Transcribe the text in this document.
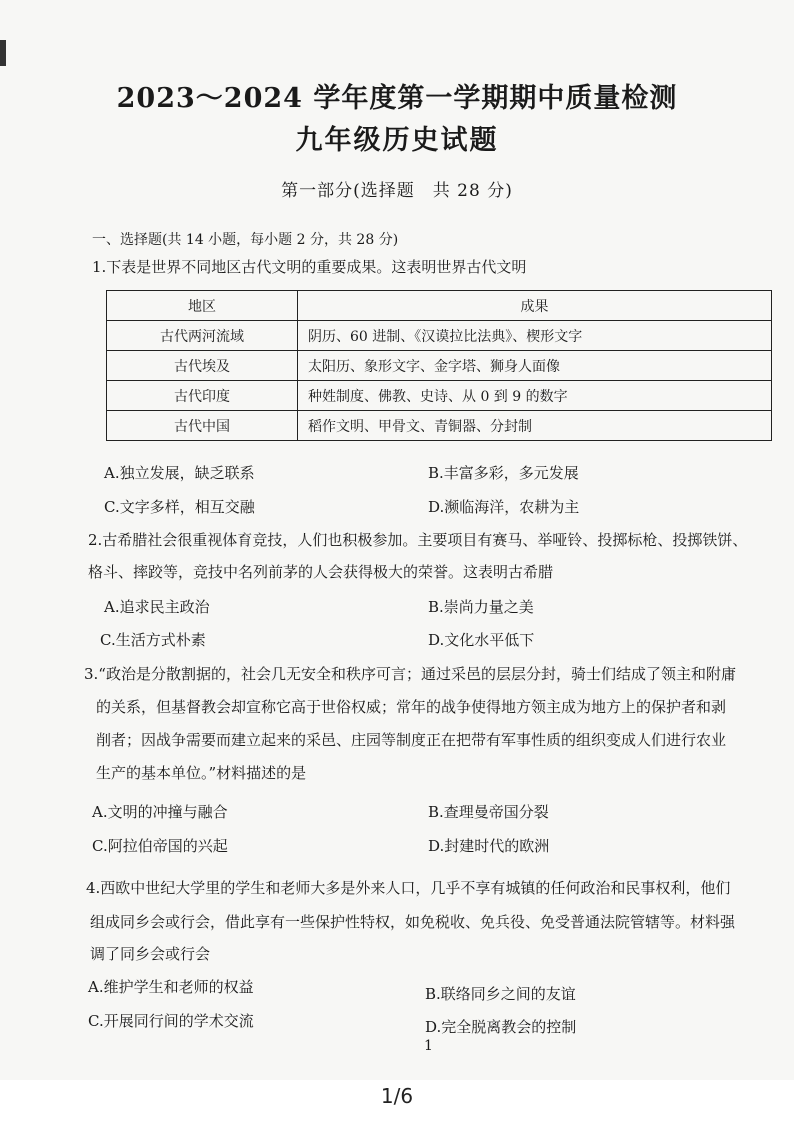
2023～2024 学年度第一学期期中质量检测
九年级历史试题
第一部分(选择题　共 28 分)
一、选择题(共 14 小题，每小题 2 分，共 28 分)
1.下表是世界不同地区古代文明的重要成果。这表明世界古代文明
地区	成果
古代两河流域	阴历、60 进制、《汉谟拉比法典》、楔形文字
古代埃及	太阳历、象形文字、金字塔、狮身人面像
古代印度	种姓制度、佛教、史诗、从 0 到 9 的数字
古代中国	稻作文明、甲骨文、青铜器、分封制
A.独立发展，缺乏联系	B.丰富多彩，多元发展
C.文字多样，相互交融	D.濒临海洋，农耕为主
2.古希腊社会很重视体育竞技，人们也积极参加。主要项目有赛马、举哑铃、投掷标枪、投掷铁饼、
格斗、摔跤等，竞技中名列前茅的人会获得极大的荣誉。这表明古希腊
A.追求民主政治	B.崇尚力量之美
C.生活方式朴素	D.文化水平低下
3.“政治是分散割据的，社会几无安全和秩序可言；通过采邑的层层分封，骑士们结成了领主和附庸
的关系，但基督教会却宣称它高于世俗权威；常年的战争使得地方领主成为地方上的保护者和剥
削者；因战争需要而建立起来的采邑、庄园等制度正在把带有军事性质的组织变成人们进行农业
生产的基本单位。”材料描述的是
A.文明的冲撞与融合	B.查理曼帝国分裂
C.阿拉伯帝国的兴起	D.封建时代的欧洲
4.西欧中世纪大学里的学生和老师大多是外来人口，几乎不享有城镇的任何政治和民事权利，他们
组成同乡会或行会，借此享有一些保护性特权，如免税收、免兵役、免受普通法院管辖等。材料强
调了同乡会或行会
A.维护学生和老师的权益	B.联络同乡之间的友谊
C.开展同行间的学术交流	D.完全脱离教会的控制
1
1/6
